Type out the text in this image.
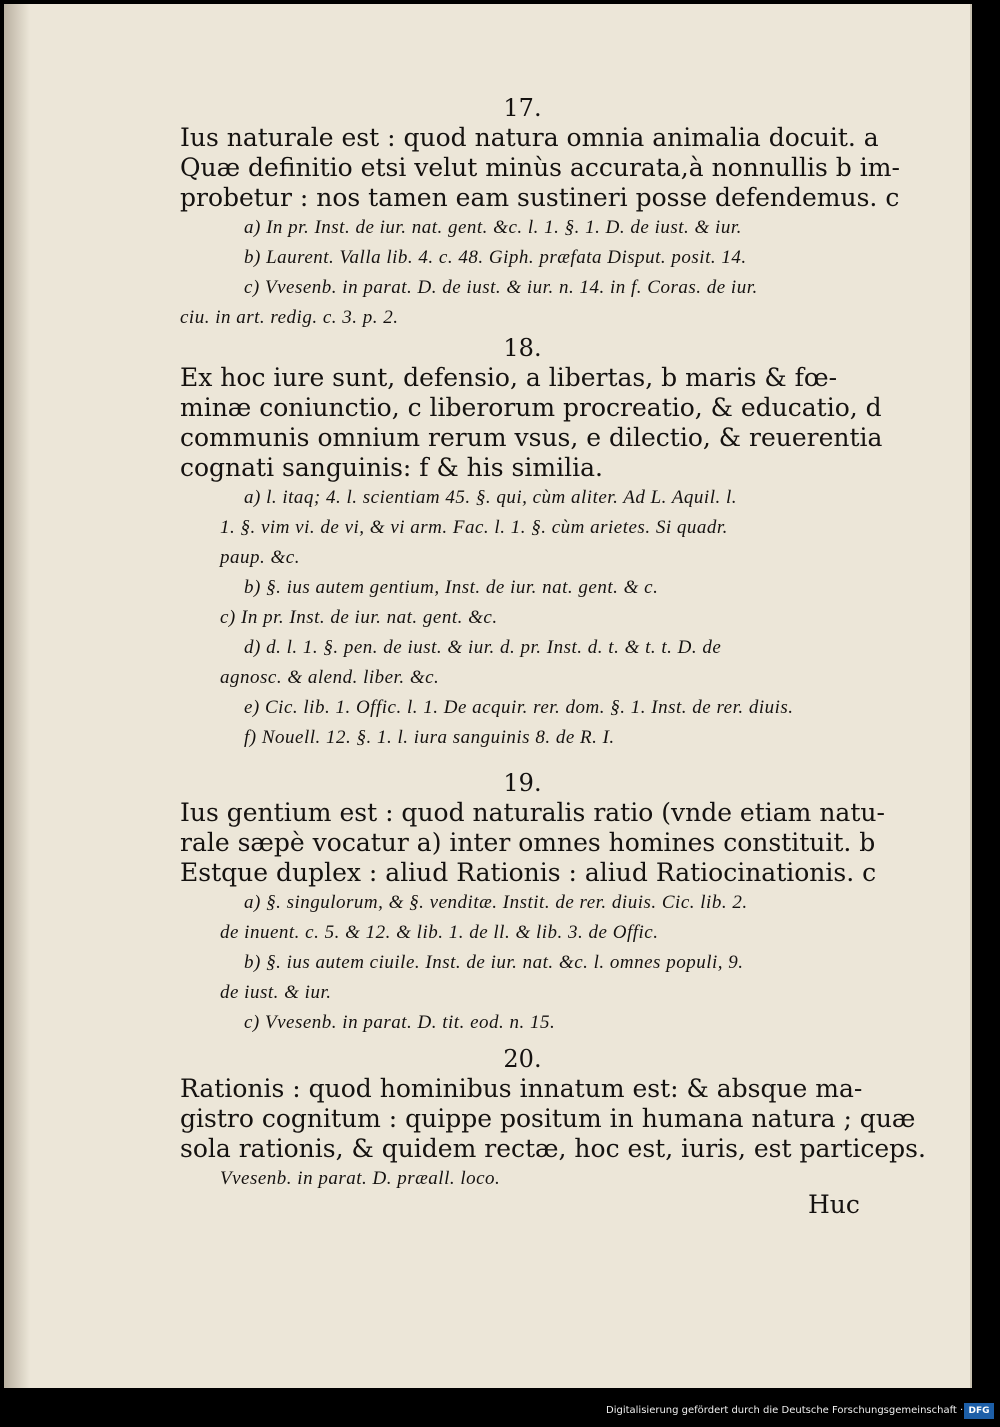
17.
Ius naturale est : quod natura omnia animalia docuit. a
Quæ definitio etsi velut minùs accurata,à nonnullis b im-
probetur : nos tamen eam sustineri posse defendemus. c
a) In pr. Inst. de iur. nat. gent. &c. l. 1. §. 1. D. de iust. & iur.
b) Laurent. Valla lib. 4. c. 48. Giph. præfata Disput. posit. 14.
c) Vvesenb. in parat. D. de iust. & iur. n. 14. in f. Coras. de iur.
ciu. in art. redig. c. 3. p. 2.
18.
Ex hoc iure sunt, defensio, a libertas, b maris & fœ-
minæ coniunctio, c liberorum procreatio, & educatio, d
communis omnium rerum vsus, e dilectio, & reuerentia
cognati sanguinis: f & his similia.
a) l. itaq; 4. l. scientiam 45. §. qui, cùm aliter. Ad L. Aquil. l.
1. §. vim vi. de vi, & vi arm. Fac. l. 1. §. cùm arietes. Si quadr.
paup. &c.
b) §. ius autem gentium, Inst. de iur. nat. gent. & c.
c) In pr. Inst. de iur. nat. gent. &c.
d) d. l. 1. §. pen. de iust. & iur. d. pr. Inst. d. t. & t. t. D. de
agnosc. & alend. liber. &c.
e) Cic. lib. 1. Offic. l. 1. De acquir. rer. dom. §. 1. Inst. de rer. diuis.
f) Nouell. 12. §. 1. l. iura sanguinis 8. de R. I.
19.
Ius gentium est : quod naturalis ratio (vnde etiam natu-
rale sæpè vocatur a) inter omnes homines constituit. b
Estque duplex : aliud Rationis : aliud Ratiocinationis. c
a) §. singulorum, & §. venditæ. Instit. de rer. diuis. Cic. lib. 2.
de inuent. c. 5. & 12. & lib. 1. de ll. & lib. 3. de Offic.
b) §. ius autem ciuile. Inst. de iur. nat. &c. l. omnes populi, 9.
de iust. & iur.
c) Vvesenb. in parat. D. tit. eod. n. 15.
20.
Rationis : quod hominibus innatum est: & absque ma-
gistro cognitum : quippe positum in humana natura ; quæ
sola rationis, & quidem rectæ, hoc est, iuris, est particeps.
Vvesenb. in parat. D. præall. loco.
Huc
Digitalisierung gefördert durch die Deutsche Forschungsgemeinschaft · DFG
